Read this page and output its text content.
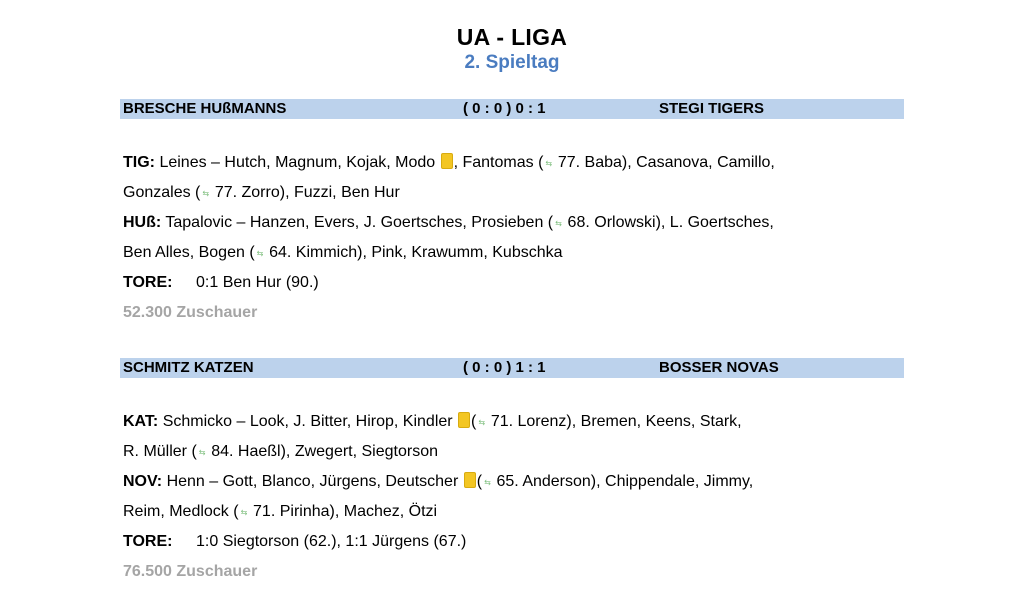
UA - LIGA
2. Spieltag
BRESCHE HUßMANNS	( 0 : 0 ) 0 : 1	STEGI TIGERS
TIG: Leines – Hutch, Magnum, Kojak, Modo , Fantomas ( ⇆ 77. Baba), Casanova, Camillo,
Gonzales ( ⇆ 77. Zorro), Fuzzi, Ben Hur
HUß: Tapalovic – Hanzen, Evers, J. Goertsches, Prosieben ( ⇆ 68. Orlowski), L. Goertsches,
Ben Alles, Bogen ( ⇆ 64. Kimmich), Pink, Krawumm, Kubschka
TORE: 0:1 Ben Hur (90.)
52.300 Zuschauer
SCHMITZ KATZEN	( 0 : 0 ) 1 : 1	BOSSER NOVAS
KAT: Schmicko – Look, J. Bitter, Hirop, Kindler ( ⇆ 71. Lorenz), Bremen, Keens, Stark,
R. Müller ( ⇆ 84. Haeßl), Zwegert, Siegtorson
NOV: Henn – Gott, Blanco, Jürgens, Deutscher ( ⇆ 65. Anderson), Chippendale, Jimmy,
Reim, Medlock ( ⇆ 71. Pirinha), Machez, Ötzi
TORE: 1:0 Siegtorson (62.), 1:1 Jürgens (67.)
76.500 Zuschauer
